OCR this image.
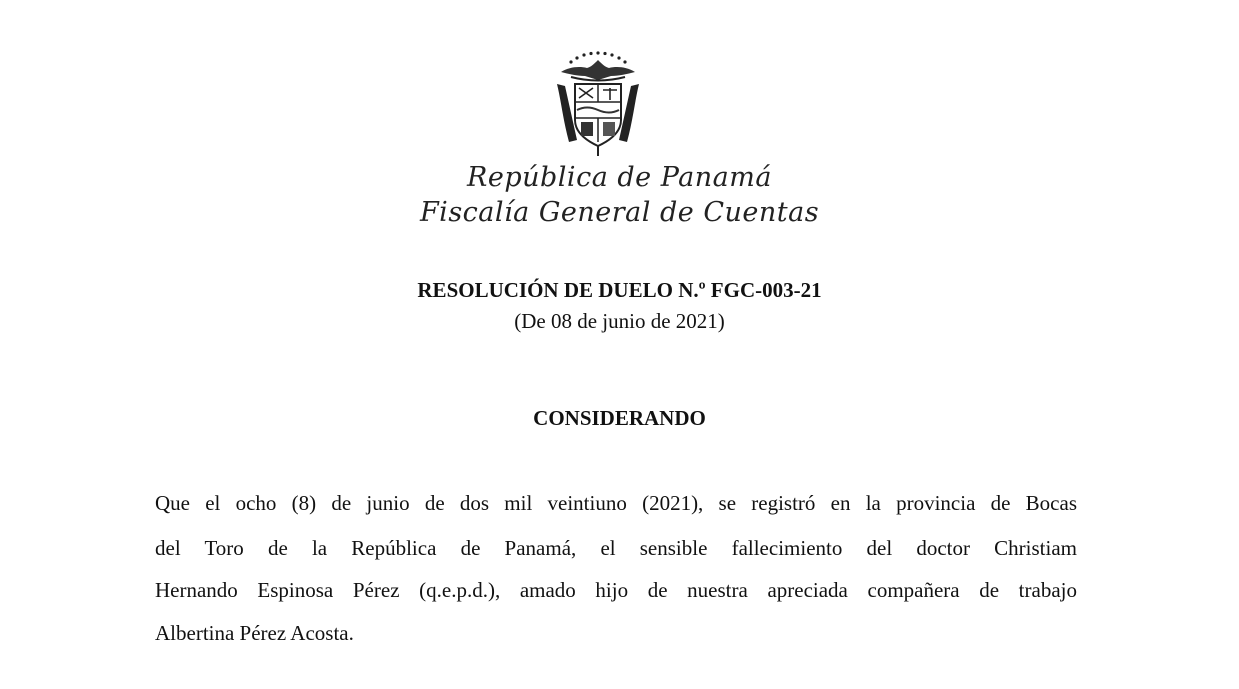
República de Panamá
Fiscalía General de Cuentas
RESOLUCIÓN DE DUELO N.º FGC-003-21
(De 08 de junio de 2021)
CONSIDERANDO
Que el ocho (8) de junio de dos mil veintiuno (2021), se registró en la provincia de Bocas
del Toro de la República de Panamá, el sensible fallecimiento del doctor Christiam
Hernando Espinosa Pérez (q.e.p.d.), amado hijo de nuestra apreciada compañera de trabajo
Albertina Pérez Acosta.
